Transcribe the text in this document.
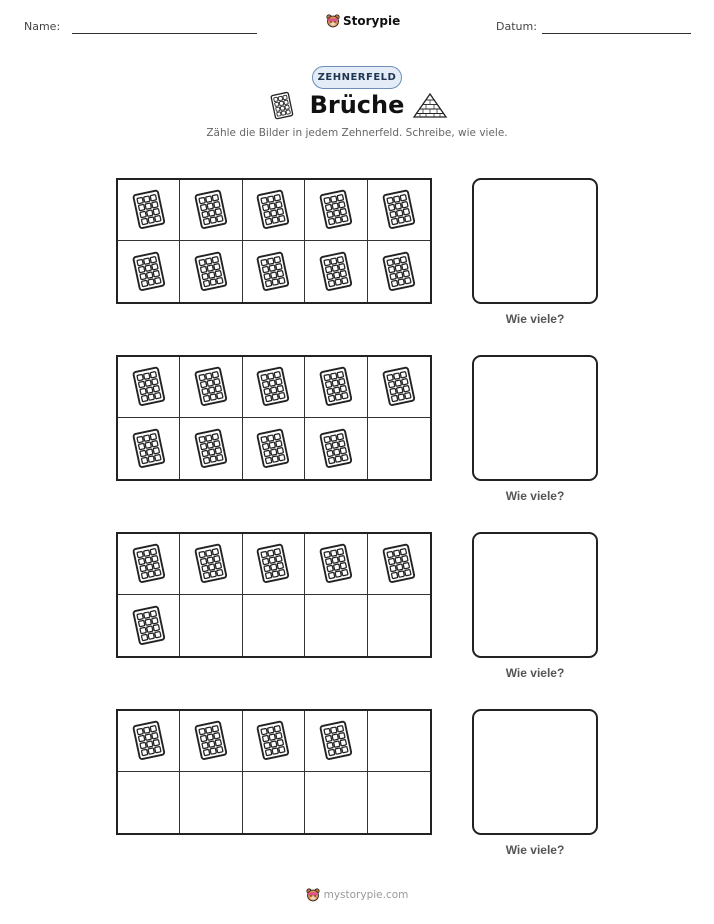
Name:	Storypie	Datum:
ZEHNERFELD
Brüche
Zähle die Bilder in jedem Zehnerfeld. Schreibe, wie viele.
Wie viele?
Wie viele?
Wie viele?
Wie viele?
mystorypie.com
